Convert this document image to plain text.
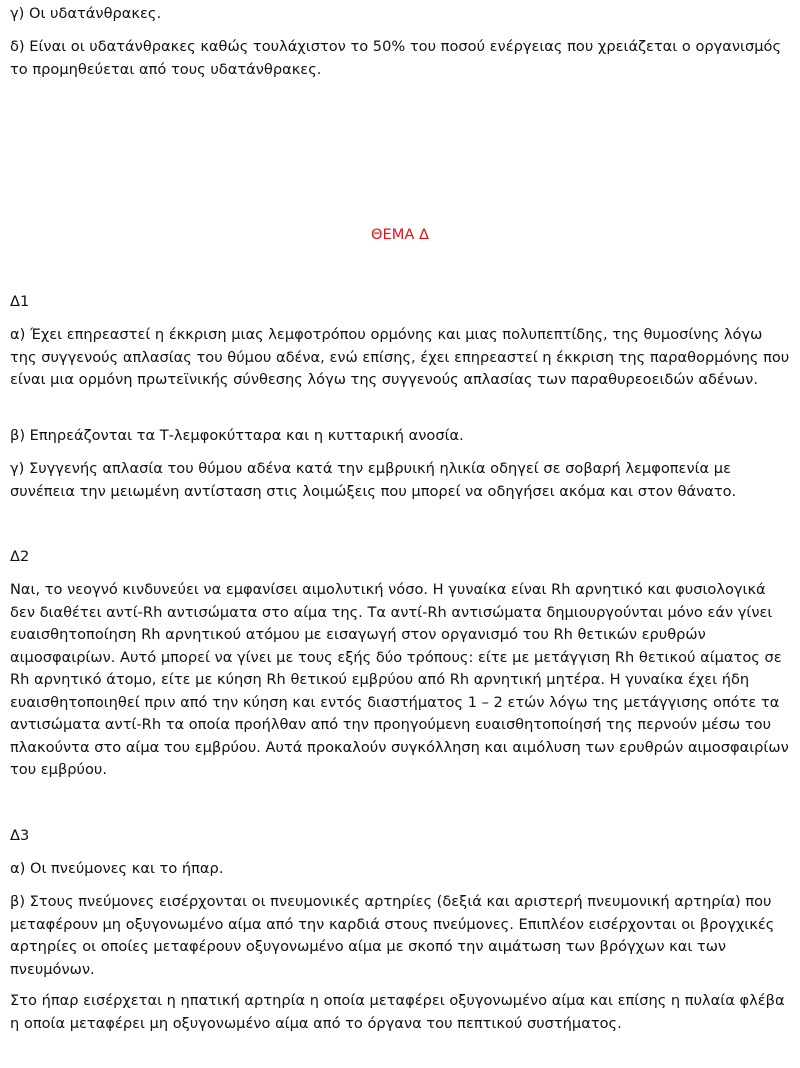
γ) Οι υδατάνθρακες.

δ) Είναι οι υδατάνθρακες καθώς τουλάχιστον το 50% του ποσού ενέργειας που χρειάζεται ο οργανισμός το προμηθεύεται από τους υδατάνθρακες.

ΘΕΜΑ Δ

Δ1

α) Έχει επηρεαστεί η έκκριση μιας λεμφοτρόπου ορμόνης και μιας πολυπεπτίδης, της θυμοσίνης λόγω της συγγενούς απλασίας του θύμου αδένα, ενώ επίσης, έχει επηρεαστεί η έκκριση της παραθορμόνης που είναι μια ορμόνη πρωτεϊνικής σύνθεσης λόγω της συγγενούς απλασίας των παραθυρεοειδών αδένων.

β) Επηρεάζονται τα Τ-λεμφοκύτταρα και η κυτταρική ανοσία.

γ) Συγγενής απλασία του θύμου αδένα κατά την εμβρυική ηλικία οδηγεί σε σοβαρή λεμφοπενία με συνέπεια την μειωμένη αντίσταση στις λοιμώξεις που μπορεί να οδηγήσει ακόμα και στον θάνατο.

Δ2

Ναι, το νεογνό κινδυνεύει να εμφανίσει αιμολυτική νόσο. Η γυναίκα είναι Rh αρνητικό και φυσιολογικά δεν διαθέτει αντί-Rh αντισώματα στο αίμα της. Τα αντί-Rh αντισώματα δημιουργούνται μόνο εάν γίνει ευαισθητοποίηση Rh αρνητικού ατόμου με εισαγωγή στον οργανισμό του Rh θετικών ερυθρών αιμοσφαιρίων. Αυτό μπορεί να γίνει με τους εξής δύο τρόπους: είτε με μετάγγιση Rh θετικού αίματος σε Rh αρνητικό άτομο, είτε με κύηση Rh θετικού εμβρύου από Rh αρνητική μητέρα. Η γυναίκα έχει ήδη ευαισθητοποιηθεί πριν από την κύηση και εντός διαστήματος 1 – 2 ετών λόγω της μετάγγισης οπότε τα αντισώματα αντί-Rh τα οποία προήλθαν από την προηγούμενη ευαισθητοποίησή της περνούν μέσω του πλακούντα στο αίμα του εμβρύου. Αυτά προκαλούν συγκόλληση και αιμόλυση των ερυθρών αιμοσφαιρίων του εμβρύου.

Δ3

α) Οι πνεύμονες και το ήπαρ.

β) Στους πνεύμονες εισέρχονται οι πνευμονικές αρτηρίες (δεξιά και αριστερή πνευμονική αρτηρία) που μεταφέρουν μη οξυγονωμένο αίμα από την καρδιά στους πνεύμονες. Επιπλέον εισέρχονται οι βρογχικές αρτηρίες οι οποίες μεταφέρουν οξυγονωμένο αίμα με σκοπό την αιμάτωση των βρόγχων και των πνευμόνων.

Στο ήπαρ εισέρχεται η ηπατική αρτηρία η οποία μεταφέρει οξυγονωμένο αίμα και επίσης η πυλαία φλέβα η οποία μεταφέρει μη οξυγονωμένο αίμα από το όργανα του πεπτικού συστήματος.
